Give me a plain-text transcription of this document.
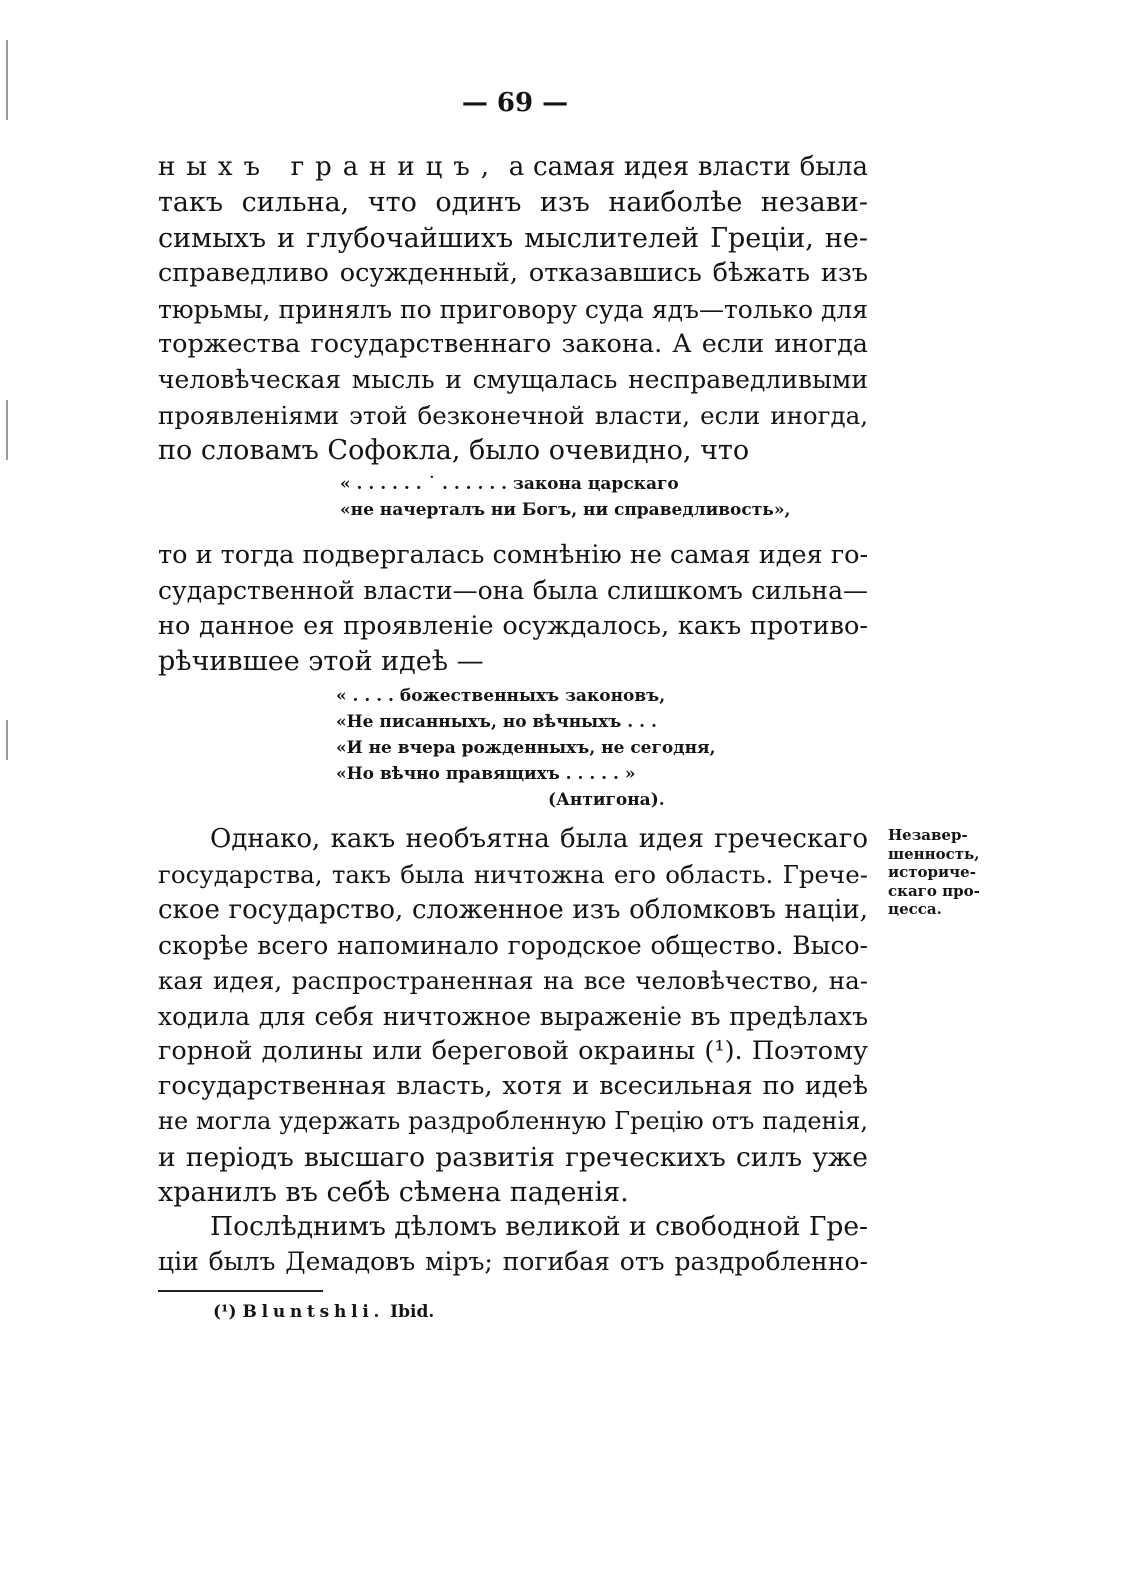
— 69 —
ныхъ границъ, а самая идея власти была
такъ сильна, что одинъ изъ наиболѣе незави-
симыхъ и глубочайшихъ мыслителей Греціи, не-
справедливо осужденный, отказавшись бѣжать изъ
тюрьмы, принялъ по приговору суда ядъ—только для
торжества государственнаго закона. А если иногда
человѣческая мысль и смущалась несправедливыми
проявленіями этой безконечной власти, если иногда,
по словамъ Софокла, было очевидно, что
« . . . . . . ˙ . . . . . . закона царскаго
«не начерталъ ни Богъ, ни справедливость»,
то и тогда подвергалась сомнѣнію не самая идея го-
сударственной власти—она была слишкомъ сильна—
но данное ея проявленіе осуждалось, какъ противо-
рѣчившее этой идеѣ —
« . . . . божественныхъ законовъ,
«Не писанныхъ, но вѣчныхъ . . .
«И не вчера рожденныхъ, не сегодня,
«Но вѣчно правящихъ . . . . . »
(Антигона).
Незавер-
шенность,
историче-
скаго про-
цесса.
Однако, какъ необъятна была идея греческаго
государства, такъ была ничтожна его область. Грече-
ское государство, сложенное изъ обломковъ націи,
скорѣе всего напоминало городское общество. Высо-
кая идея, распространенная на все человѣчество, на-
ходила для себя ничтожное выраженіе въ предѣлахъ
горной долины или береговой окраины (¹). Поэтому
государственная власть, хотя и всесильная по идеѣ
не могла удержать раздробленную Грецію отъ паденія,
и періодъ высшаго развитія греческихъ силъ уже
хранилъ въ себѣ сѣмена паденія.
Послѣднимъ дѣломъ великой и свободной Гре-
ціи былъ Демадовъ міръ; погибая отъ раздробленно-
(¹) Bluntshli. Ibid.
